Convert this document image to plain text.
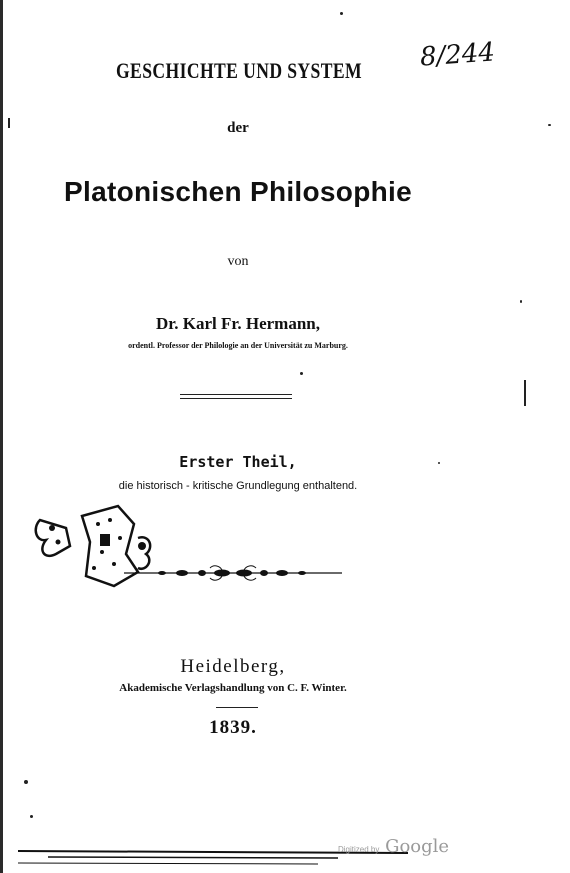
8/244
GESCHICHTE UND SYSTEM
der
Platonischen Philosophie
von
Dr. Karl Fr. Hermann,
ordentl. Professor der Philologie an der Universität zu Marburg.
Erster Theil,
die historisch - kritische Grundlegung enthaltend.
Heidelberg,
Akademische Verlagshandlung von C. F. Winter.
1839.
Digitized by Google
